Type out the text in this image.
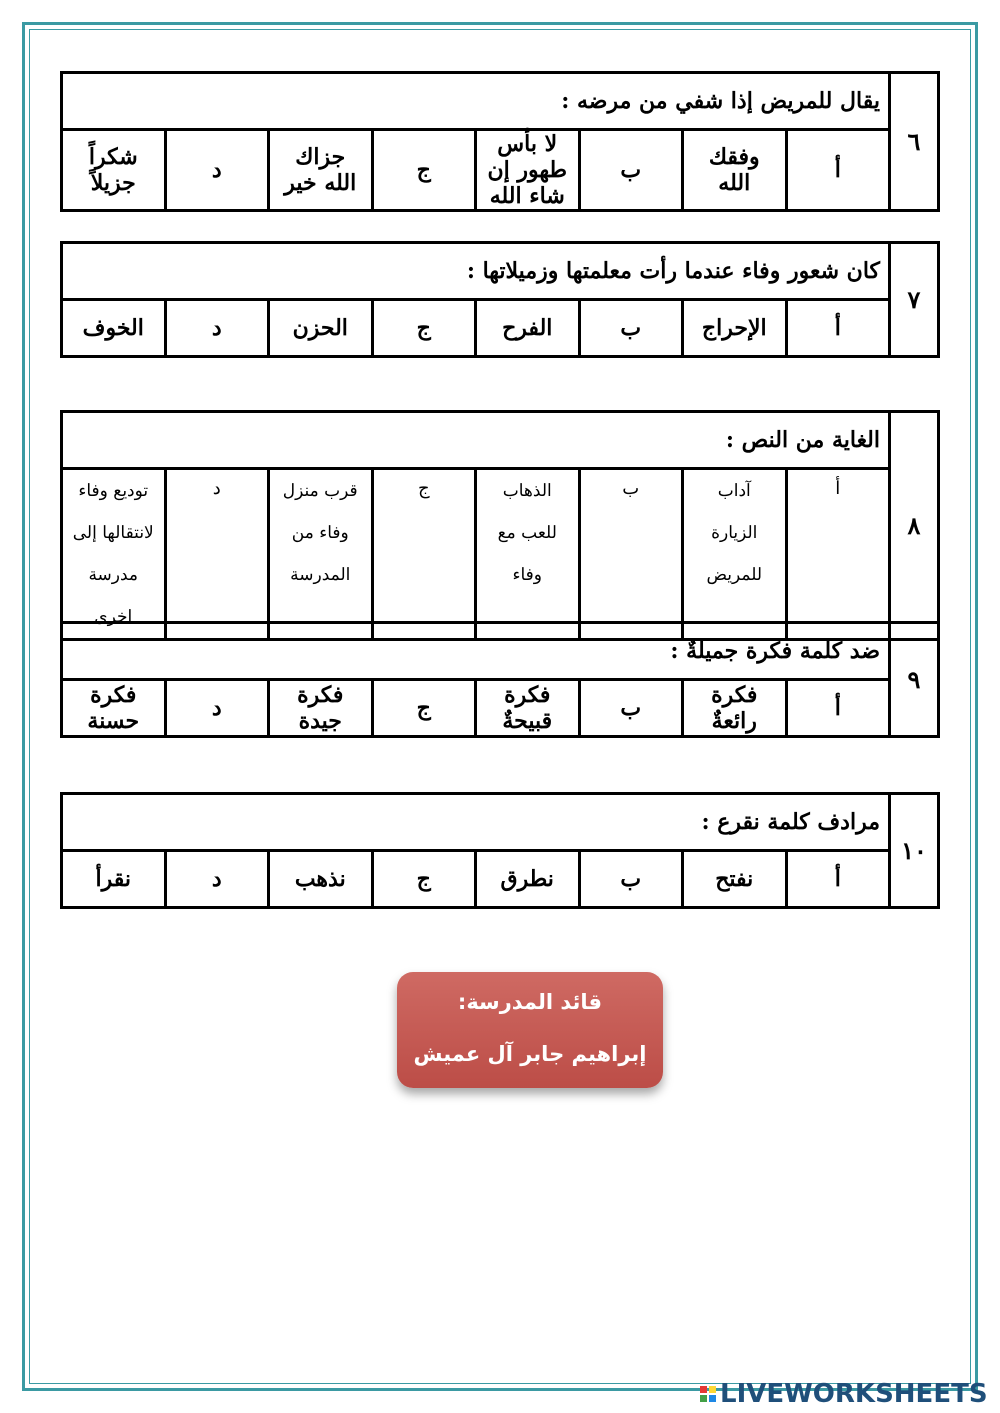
٦	يقال للمريض إذا شفي من مرضه :							
	أ	وفقك الله	ب	لا بأس طهور إن شاء الله	ج	جزاك الله خير	د	شكراً جزيلاً
٧	كان شعور وفاء عندما رأت معلمتها وزميلاتها :							
	أ	الإحراج	ب	الفرح	ج	الحزن	د	الخوف
٨	الغاية من النص :							
	أ	آداب الزيارة للمريض	ب	الذهاب للعب مع وفاء	ج	قرب منزل وفاء من المدرسة	د	توديع وفاء لانتقالها إلى مدرسة اخرى
٩	ضد كلمة فكرة جميلةٌ :							
	أ	فكرة رائعةٌ	ب	فكرة قبيحةٌ	ج	فكرة جيدة	د	فكرة حسنة
١٠	مرادف كلمة نقرع :							
	أ	نفتح	ب	نطرق	ج	نذهب	د	نقرأ
قائد المدرسة:
إبراهيم جابر آل عميش
LIVEWORKSHEETS
